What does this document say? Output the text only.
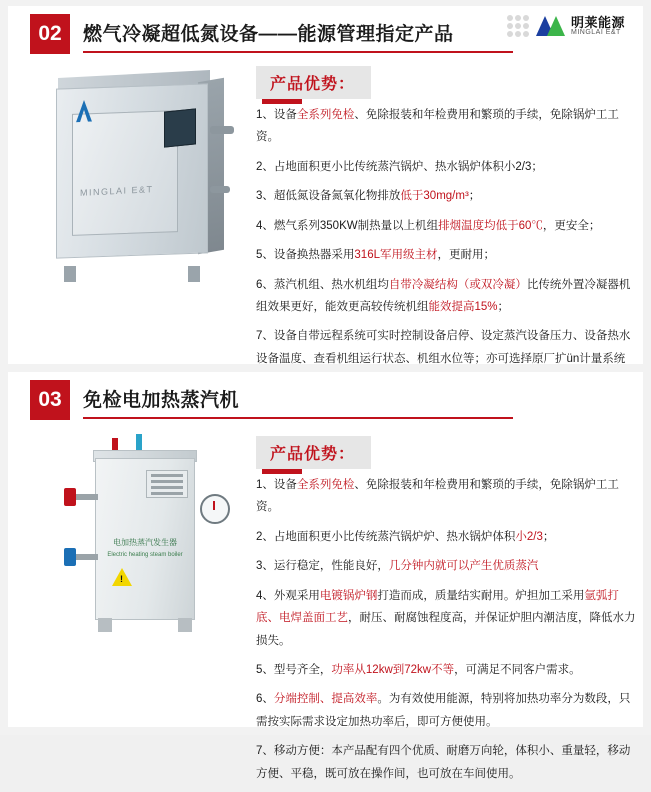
02	燃气冷凝超低氮设备——能源管理指定产品
明莱能源
MINGLAI E&T
MINGLAI E&T
产品优势：

1、设备全系列免检、免除报装和年检费用和繁琐的手续，免除锅炉工工资。

2、占地面积更小比传统蒸汽锅炉、热水锅炉体积小2/3；

3、超低氮设备氮氧化物排放低于30mg/m³；

4、燃气系列350KW制热量以上机组排烟温度均低于60℃，更安全；

5、设备换热器采用316L军用级主材，更耐用；

6、蒸汽机组、热水机组均自带冷凝结构（或双冷凝）比传统外置冷凝器机组效果更好，能效更高较传统机组能效提高15%；

7、设备自带远程系统可实时控制设备启停、设定蒸汽设备压力、设备热水设备温度、查看机组运行状态、机组水位等；亦可选择原厂扩ün计量系统

03	免检电加热蒸汽机
电加热蒸汽发生器
Electric heating steam boiler
!
产品优势：

1、设备全系列免检、免除报装和年检费用和繁琐的手续，免除锅炉工工资。

2、占地面积更小比传统蒸汽锅炉炉、热水锅炉体积小2/3；

3、运行稳定，性能良好，几分钟内就可以产生优质蒸汽

4、外观采用电镀锅炉钢打造而成，质量结实耐用。炉担加工采用氩弧打底、电焊盖面工艺，耐压、耐腐蚀程度高，并保证炉胆内潮洁度，降低水力损失。

5、型号齐全，功率从12kw到72kw不等，可满足不同客户需求。

6、分端控制、提高效率。为有效使用能源，特别将加热功率分为数段，只需按实际需求设定加热功率后，即可方便使用。

7、移动方便：本产品配有四个优质、耐磨万向轮，体积小、重量轻，移动方便、平稳，既可放在操作间，也可放在车间使用。
